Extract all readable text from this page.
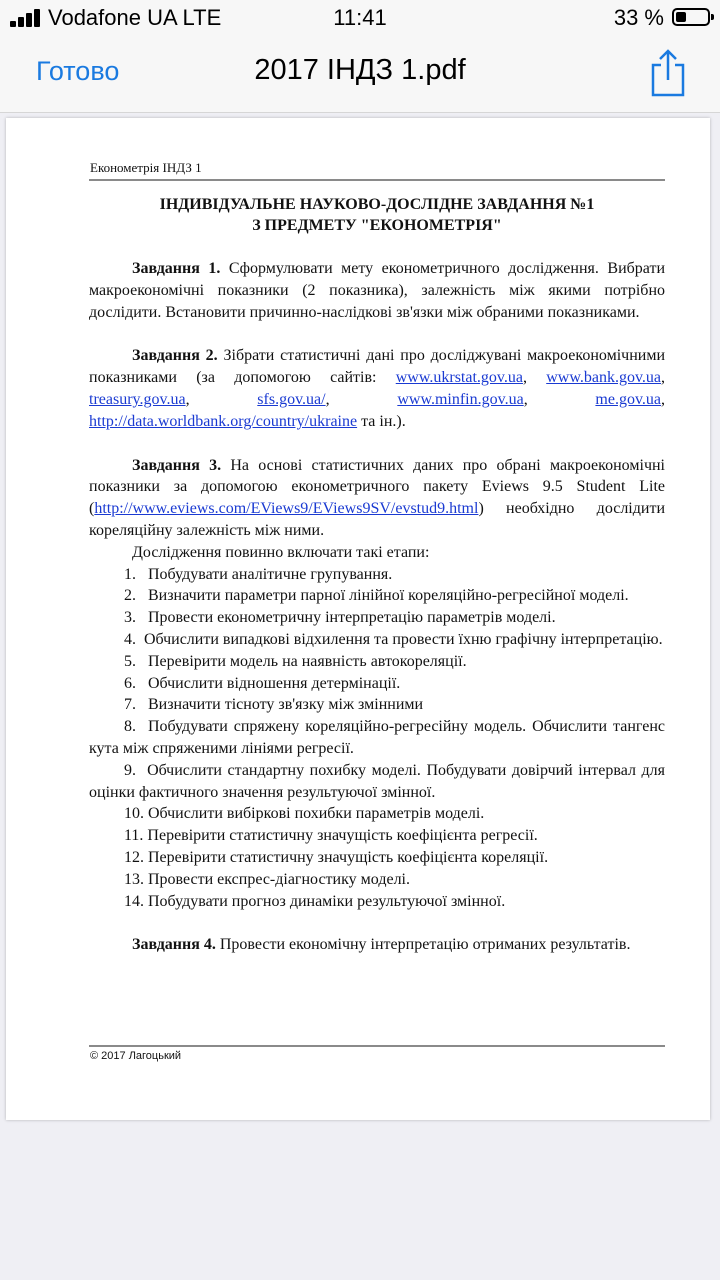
Vodafone UA LTE	11:41	33 %
Готово	2017 ІНДЗ 1.pdf
Економетрія ІНДЗ 1
ІНДИВІДУАЛЬНЕ НАУКОВО-ДОСЛІДНЕ ЗАВДАННЯ №1
З ПРЕДМЕТУ "ЕКОНОМЕТРІЯ"

Завдання 1. Сформулювати мету економетричного дослідження. Вибрати макроекономічні показники (2 показника), залежність між якими потрібно дослідити. Встановити причинно-наслідкові зв'язки між обраними показниками.

Завдання 2. Зібрати статистичні дані про досліджувані макроекономічними показниками (за допомогою сайтів: www.ukrstat.gov.ua, www.bank.gov.ua, treasury.gov.ua, sfs.gov.ua/, www.minfin.gov.ua, me.gov.ua, http://data.worldbank.org/country/ukraine та ін.).

Завдання 3. На основі статистичних даних про обрані макроекономічні показники за допомогою економетричного пакету Eviews 9.5 Student Lite (http://www.eviews.com/EViews9/EViews9SV/evstud9.html) необхідно дослідити кореляційну залежність між ними.

Дослідження повинно включати такі етапи:

1.   Побудувати аналітичне групування.

2.   Визначити параметри парної лінійної кореляційно-регресійної моделі.

3.   Провести економетричну інтерпретацію параметрів моделі.

4.  Обчислити випадкові відхилення та провести їхню графічну інтерпретацію.

5.   Перевірити модель на наявність автокореляції.

6.   Обчислити відношення детермінації.

7.   Визначити тісноту зв'язку між змінними

8.  Побудувати спряжену кореляційно-регресійну модель. Обчислити тангенс кута між спряженими лініями регресії.

9.  Обчислити стандартну похибку моделі. Побудувати довірчий інтервал для оцінки фактичного значення результуючої змінної.

10. Обчислити вибіркові похибки параметрів моделі.

11. Перевірити статистичну значущість коефіцієнта регресії.

12. Перевірити статистичну значущість коефіцієнта кореляції.

13. Провести експрес-діагностику моделі.

14. Побудувати прогноз динаміки результуючої змінної.

Завдання 4. Провести економічну інтерпретацію отриманих результатів.

© 2017 Лагоцький
